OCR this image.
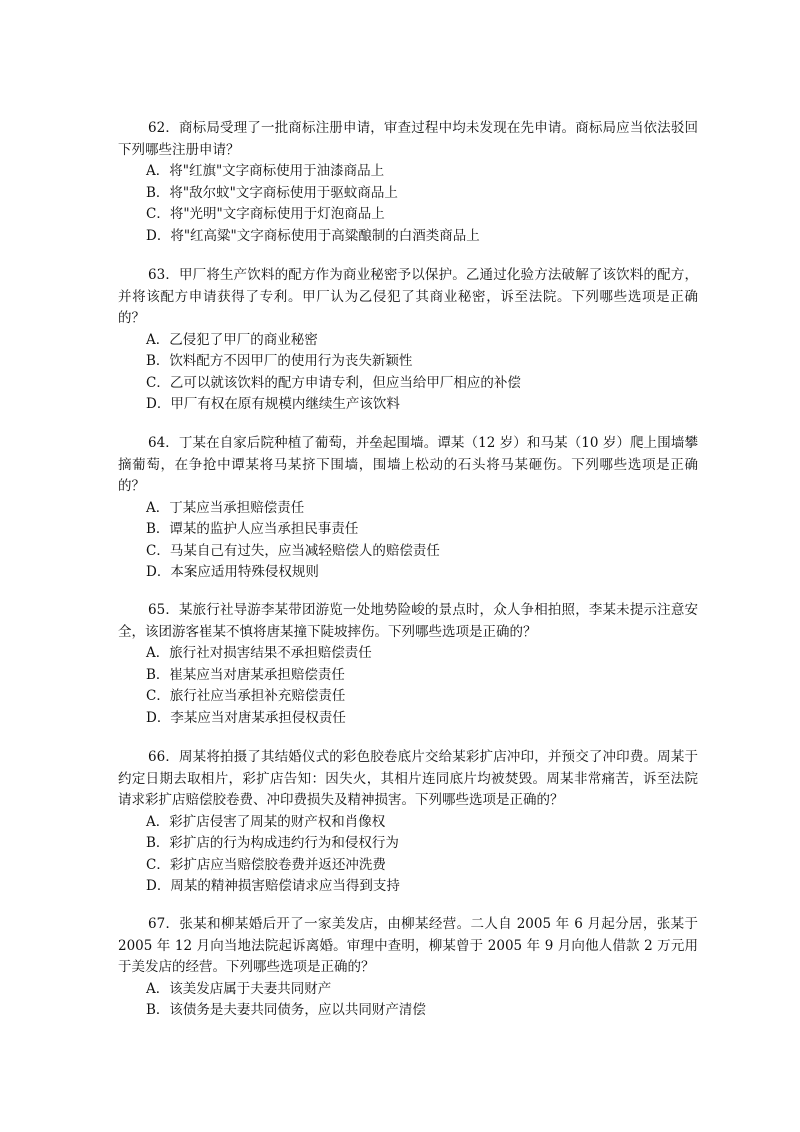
62．商标局受理了一批商标注册申请，审查过程中均未发现在先申请。商标局应当依法驳回下列哪些注册申请？

A．将"红旗"文字商标使用于油漆商品上

B．将"敌尔蚊"文字商标使用于驱蚊商品上

C．将"光明"文字商标使用于灯泡商品上

D．将"红高粱"文字商标使用于高粱酿制的白酒类商品上

63．甲厂将生产饮料的配方作为商业秘密予以保护。乙通过化验方法破解了该饮料的配方，并将该配方申请获得了专利。甲厂认为乙侵犯了其商业秘密，诉至法院。下列哪些选项是正确的？

A．乙侵犯了甲厂的商业秘密

B．饮料配方不因甲厂的使用行为丧失新颖性

C．乙可以就该饮料的配方申请专利，但应当给甲厂相应的补偿

D．甲厂有权在原有规模内继续生产该饮料

64．丁某在自家后院种植了葡萄，并垒起围墙。谭某（12 岁）和马某（10 岁）爬上围墙攀摘葡萄，在争抢中谭某将马某挤下围墙，围墙上松动的石头将马某砸伤。下列哪些选项是正确的？

A．丁某应当承担赔偿责任

B．谭某的监护人应当承担民事责任

C．马某自己有过失，应当减轻赔偿人的赔偿责任

D．本案应适用特殊侵权规则

65．某旅行社导游李某带团游览一处地势险峻的景点时，众人争相拍照，李某未提示注意安全，该团游客崔某不慎将唐某撞下陡坡摔伤。下列哪些选项是正确的？

A．旅行社对损害结果不承担赔偿责任

B．崔某应当对唐某承担赔偿责任

C．旅行社应当承担补充赔偿责任

D．李某应当对唐某承担侵权责任

66．周某将拍摄了其结婚仪式的彩色胶卷底片交给某彩扩店冲印，并预交了冲印费。周某于约定日期去取相片，彩扩店告知：因失火，其相片连同底片均被焚毁。周某非常痛苦，诉至法院请求彩扩店赔偿胶卷费、冲印费损失及精神损害。下列哪些选项是正确的？

A．彩扩店侵害了周某的财产权和肖像权

B．彩扩店的行为构成违约行为和侵权行为

C．彩扩店应当赔偿胶卷费并返还冲洗费

D．周某的精神损害赔偿请求应当得到支持

67．张某和柳某婚后开了一家美发店，由柳某经营。二人自 2005 年 6 月起分居，张某于 2005 年 12 月向当地法院起诉离婚。审理中查明，柳某曾于 2005 年 9 月向他人借款 2 万元用于美发店的经营。下列哪些选项是正确的？

A．该美发店属于夫妻共同财产

B．该债务是夫妻共同债务，应以共同财产清偿
